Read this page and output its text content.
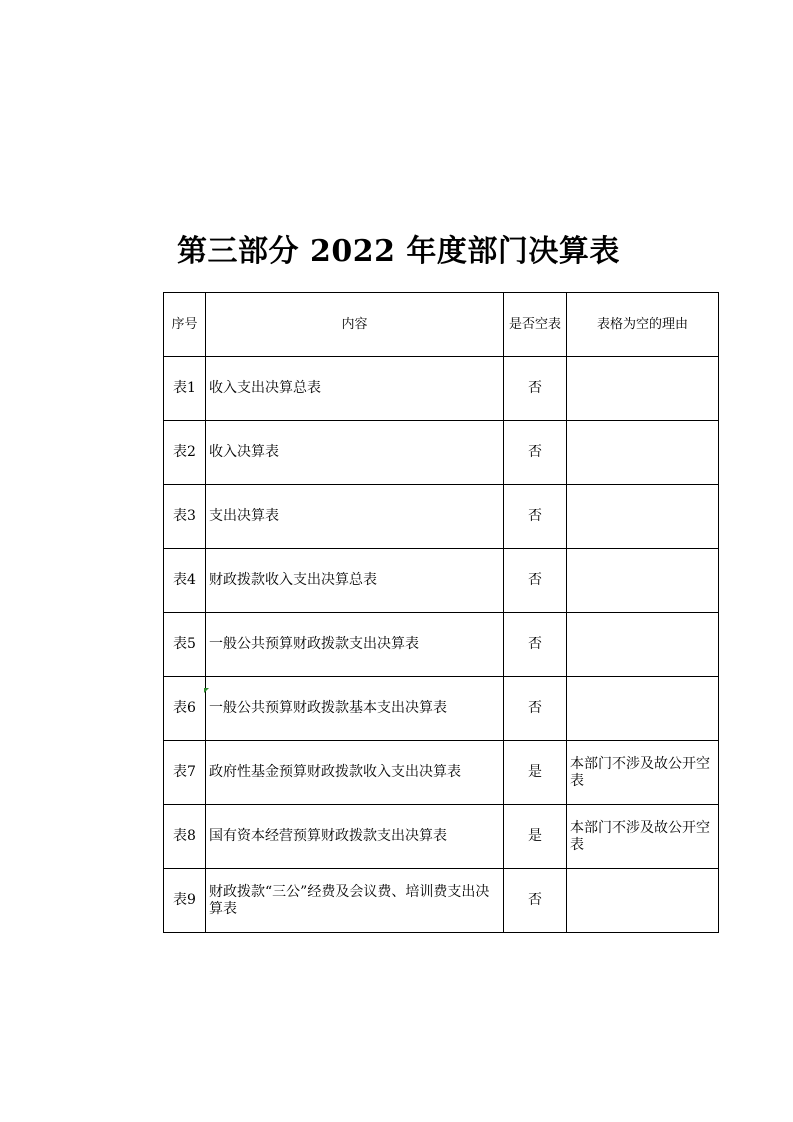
第三部分 2022 年度部门决算表
序号	内容	是否空表	表格为空的理由
表1	收入支出决算总表	否	
表2	收入决算表	否	
表3	支出决算表	否	
表4	财政拨款收入支出决算总表	否	
表5	一般公共预算财政拨款支出决算表	否	
表6	一般公共预算财政拨款基本支出决算表	否	
表7	政府性基金预算财政拨款收入支出决算表	是	本部门不涉及故公开空表
表8	国有资本经营预算财政拨款支出决算表	是	本部门不涉及故公开空表
表9	财政拨款“三公”经费及会议费、培训费支出决算表	否	
